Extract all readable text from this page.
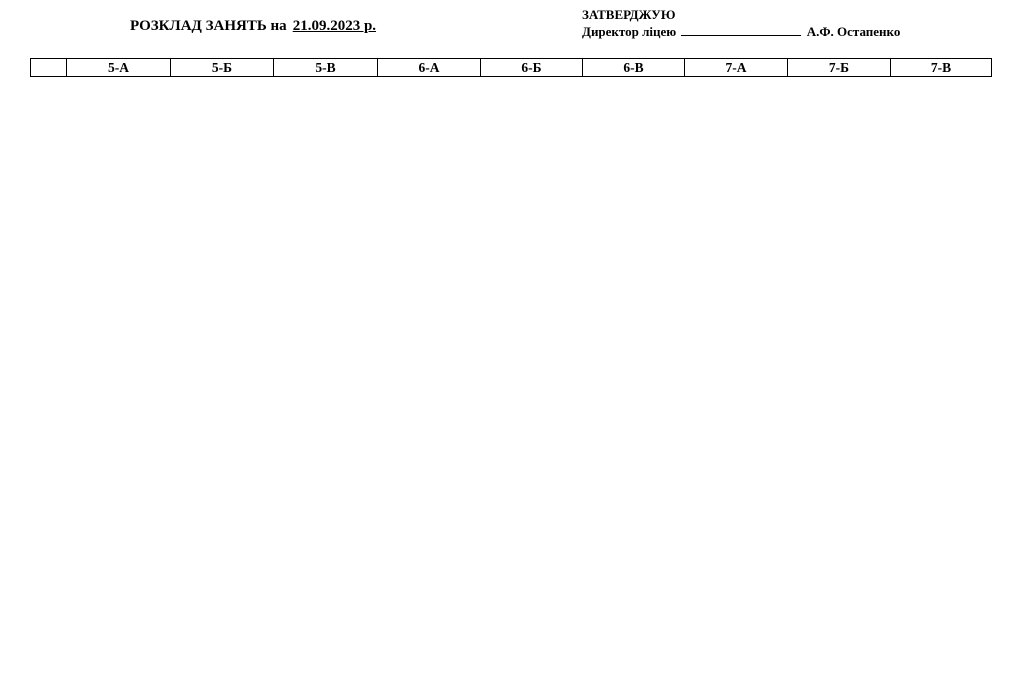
РОЗКЛАД ЗАНЯТЬ на 21.09.2023 р.
ЗАТВЕРДЖУЮ
Директор ліцею	А.Ф. Остапенко
	5-А	5-Б	5-В	6-А	6-Б	6-В	7-А	7-Б	7-В
